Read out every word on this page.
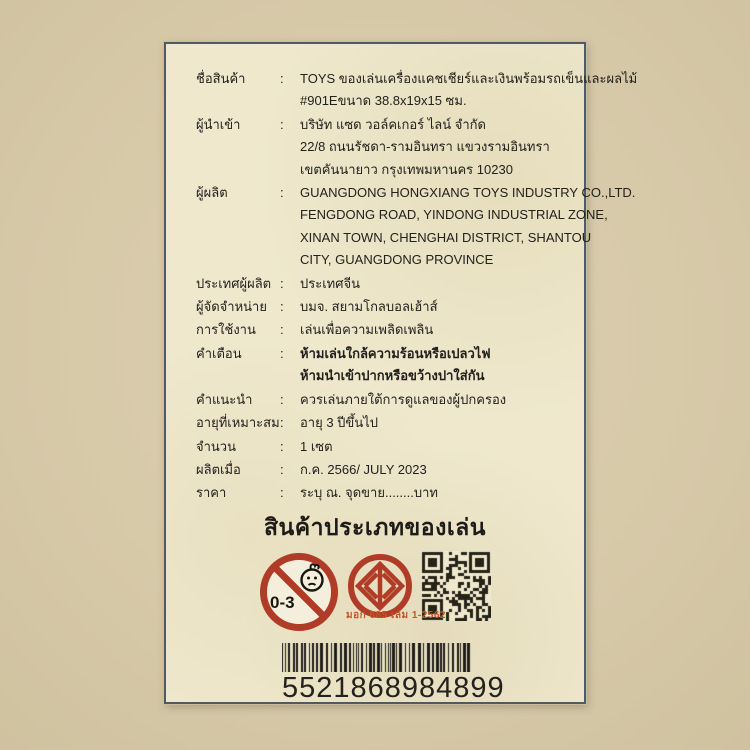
ชื่อสินค้า	:	TOYS ของเล่นเครื่องแคชเชียร์และเงินพร้อมรถเข็นและผลไม้
#901Eขนาด 38.8x19x15 ซม.
ผู้นำเข้า	:	บริษัท แซด วอล์คเกอร์ ไลน์ จำกัด
22/8 ถนนรัชดา-รามอินทรา แขวงรามอินทรา
เขตคันนายาว กรุงเทพมหานคร 10230
ผู้ผลิต	:	GUANGDONG HONGXIANG TOYS INDUSTRY CO.,LTD.
FENGDONG ROAD, YINDONG INDUSTRIAL ZONE,
XINAN TOWN, CHENGHAI DISTRICT, SHANTOU
CITY, GUANGDONG PROVINCE
ประเทศผู้ผลิต :	ประเทศจีน
ผู้จัดจำหน่าย	:	บมจ. สยามโกลบอลเฮ้าส์
การใช้งาน	:	เล่นเพื่อความเพลิดเพลิน
คำเตือน	:	ห้ามเล่นใกล้ความร้อนหรือเปลวไฟ
ห้ามนำเข้าปากหรือขว้างปาใส่กัน
คำแนะนำ	:	ควรเล่นภายใต้การดูแลของผู้ปกครอง
อายุที่เหมาะสม :	อายุ 3 ปีขึ้นไป
จำนวน	:	1 เซต
ผลิตเมื่อ	:	ก.ค. 2566/ JULY 2023
ราคา	:	ระบุ ณ. จุดขาย........บาท
สินค้าประเภทของเล่น
0-3
มอก 685 เล่ม 1-2562
5521868984899
